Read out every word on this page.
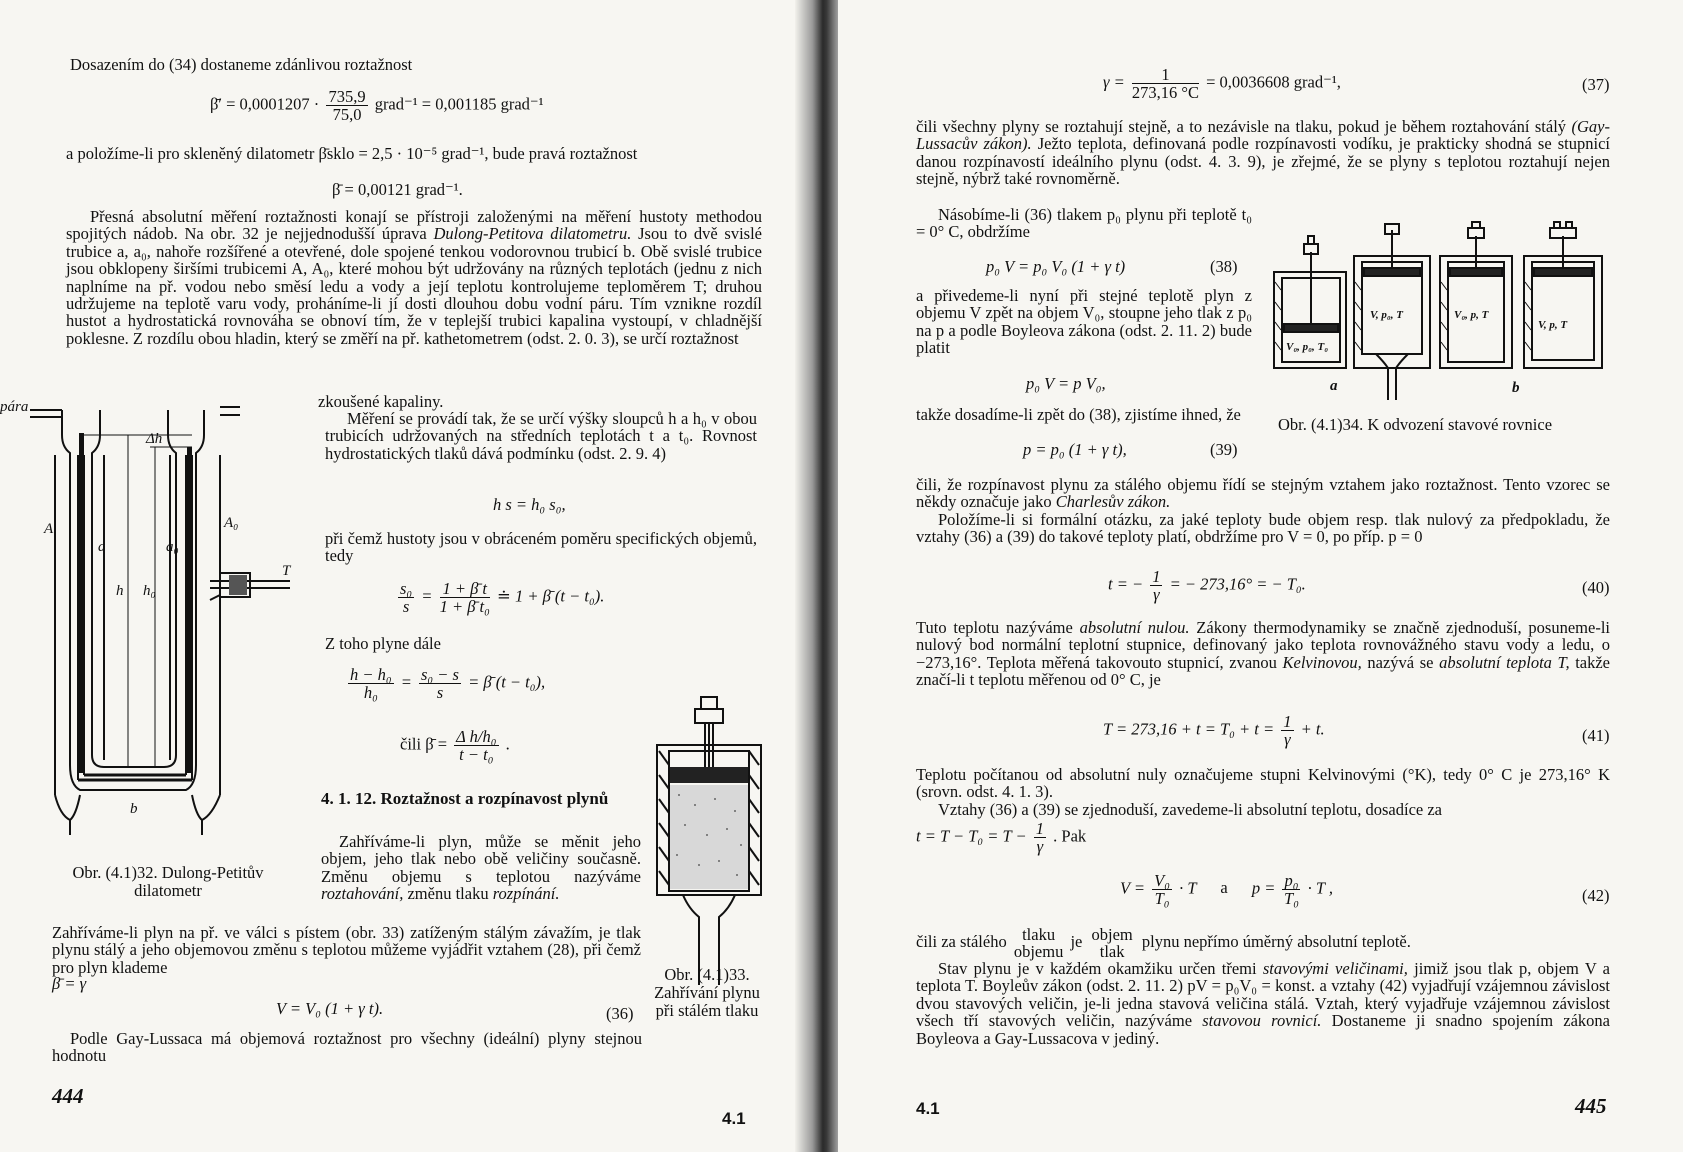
Dosazením do (34) dostaneme zdánlivou roztažnost
β̄′ = $0,0001207 \cdot \frac{735,9}{75,0}$ grad⁻¹ = 0,001185 grad⁻¹
a položíme-li pro skleněný dilatometr β̄sklo = 2,5 · 10⁻⁵ grad⁻¹, bude pravá roztažnost
β̄ = 0,00121 grad⁻¹.
Přesná absolutní měření roztažnosti konají se přístroji založenými na měření hustoty methodou spojitých nádob. Na obr. 32 je nejjednodušší úprava Dulong-Petitova dilatometru. Jsou to dvě svislé trubice a, a₀, nahoře rozšířené a otevřené, dole spojené tenkou vodorovnou trubicí b. Obě svislé trubice jsou obklopeny širšími trubicemi A, A₀, které mohou být udržovány na různých teplotách (jednu z nich naplníme na př. vodou nebo směsí ledu a vody a její teplotu kontrolujeme teploměrem T; druhou udržujeme na teplotě varu vody, proháníme-li jí dosti dlouhou dobu vodní páru. Tím vznikne rozdíl hustot a hydrostatická rovnováha se obnoví tím, že v teplejší trubici kapalina vystoupí, v chladnější poklesne. Z rozdílu obou hladin, který se změří na př. kathetometrem (odst. 2. 0. 3), se určí roztažnost
zkoušené kapaliny.
Měření se provádí tak, že se určí výšky sloupců h a h₀ v obou trubicích udržovaných na středních teplotách t a t₀. Rovnost hydrostatických tlaků dává podmínku (odst. 2. 9. 4)
h s = h₀ s₀,
při čemž hustoty jsou v obráceném poměru specifických objemů, tedy
$\frac{\text{s₀}}{s} = \frac{1 + \betā t}{\text{1 + β̄ t₀}}$ ≐ 1 + β̄ (t − t₀).
Z toho plyne dále
$\frac{\text{h − h₀}}{\text{h₀}} = \frac{\text{s₀ − s}}{s}$ = β̄ (t − t₀),
čili β̄ = $\frac{\text{Δ h/h₀}}{\text{t − t₀}}$ .
4. 1. 12. Roztažnost a rozpínavost plynů
Zahříváme-li plyn, může se měnit jeho objem, jeho tlak nebo obě veličiny současně. Změnu objemu s teplotou nazýváme roztahování, změnu tlaku rozpínání.
Zahříváme-li plyn na př. ve válci s pístem (obr. 33) zatíženým stálým závažím, je tlak plynu stálý a jeho objemovou změnu s teplotou můžeme vyjádřit vztahem (28), při čemž pro plyn klademe
β̄ = γ
V = V₀ (1 + γ t).	(36)
Podle Gay-Lussaca má objemová roztažnost pro všechny (ideální) plyny stejnou hodnotu
pára
A	A₀
a	a₀
b
h h₀
Δh
T
Obr. (4.1)32. Dulong-Petitův dilatometr
Obr. (4.1)33. Zahřívání plynu při stálém tlaku
444
4.1
$\gamma = \frac{1}{273,16 ^\circ C} = 0,0036608$ grad⁻¹,	(37)
čili všechny plyny se roztahují stejně, a to nezávisle na tlaku, pokud je během roztahování stálý (Gay-Lussacův zákon). Ježto teplota, definovaná podle rozpínavosti vodíku, je prakticky shodná se stupnicí danou rozpínavostí ideálního plynu (odst. 4. 3. 9), je zřejmé, že se plyny s teplotou roztahují nejen stejně, nýbrž také rovnoměrně.
Násobíme-li (36) tlakem p₀ plynu při teplotě t₀ = 0° C, obdržíme
p₀ V = p₀ V₀ (1 + γ t)	(38)
a přivedeme-li nyní při stejné teplotě plyn z objemu V zpět na objem V₀, stoupne jeho tlak z p₀ na p a podle Boyleova zákona (odst. 2. 11. 2) bude platit
p₀ V = p V₀,
takže dosadíme-li zpět do (38), zjistíme ihned, že
p = p₀ (1 + γ t),	(39)
V₀, p₀, T₀
V, p₀, T	V₀, p, T
V, p, T
a	b
Obr. (4.1)34. K odvození stavové rovnice
čili, že rozpínavost plynu za stálého objemu řídí se stejným vztahem jako roztažnost. Tento vzorec se někdy označuje jako Charlesův zákon.
Položíme-li si formální otázku, za jaké teploty bude objem resp. tlak nulový za předpokladu, že vztahy (36) a (39) do takové teploty platí, obdržíme pro V = 0, po příp. p = 0
t = − $\frac{1}{\gamma}$ = − 273,16° = − T₀.	(40)
Tuto teplotu nazýváme absolutní nulou. Zákony thermodynamiky se značně zjednoduší, posuneme-li nulový bod normální teplotní stupnice, definovaný jako teplota rovnovážného stavu vody a ledu, o −273,16°. Teplota měřená takovouto stupnicí, zvanou Kelvinovou, nazývá se absolutní teplota T, takže značí-li t teplotu měřenou od 0° C, je
$T = 273,16 + t = T_0 + t = \frac{1}{\gamma} + t$.	(41)
Teplotu počítanou od absolutní nuly označujeme stupni Kelvinovými (°K), tedy 0° C je 273,16° K (srovn. odst. 4. 1. 3).
Vztahy (36) a (39) se zjednoduší, zavedeme-li absolutní teplotu, dosadíce za
$t = T - T_0 = T - \frac{1}{\gamma}$ . Pak
$V = \frac{\text{V₀}}{\text{T₀}} \cdot T$ a $p = \frac{\text{p₀}}{\text{T₀}} \cdot T$ ,	(42)
čili za stálého tlaku
objemu
je objem
tlak
plynu nepřímo úměrný absolutní teplotě.
Stav plynu je v každém okamžiku určen třemi stavovými veličinami, jimiž jsou tlak p, objem V a teplota T. Boyleův zákon (odst. 2. 11. 2) pV = p₀V₀ = konst. a vztahy (42) vyjadřují vzájemnou závislost dvou stavových veličin, je-li jedna stavová veličina stálá. Vztah, který vyjadřuje vzájemnou závislost všech tří stavových veličin, nazýváme stavovou rovnicí. Dostaneme ji snadno spojením zákona Boyleova a Gay-Lussacova v jediný.
4.1	445
